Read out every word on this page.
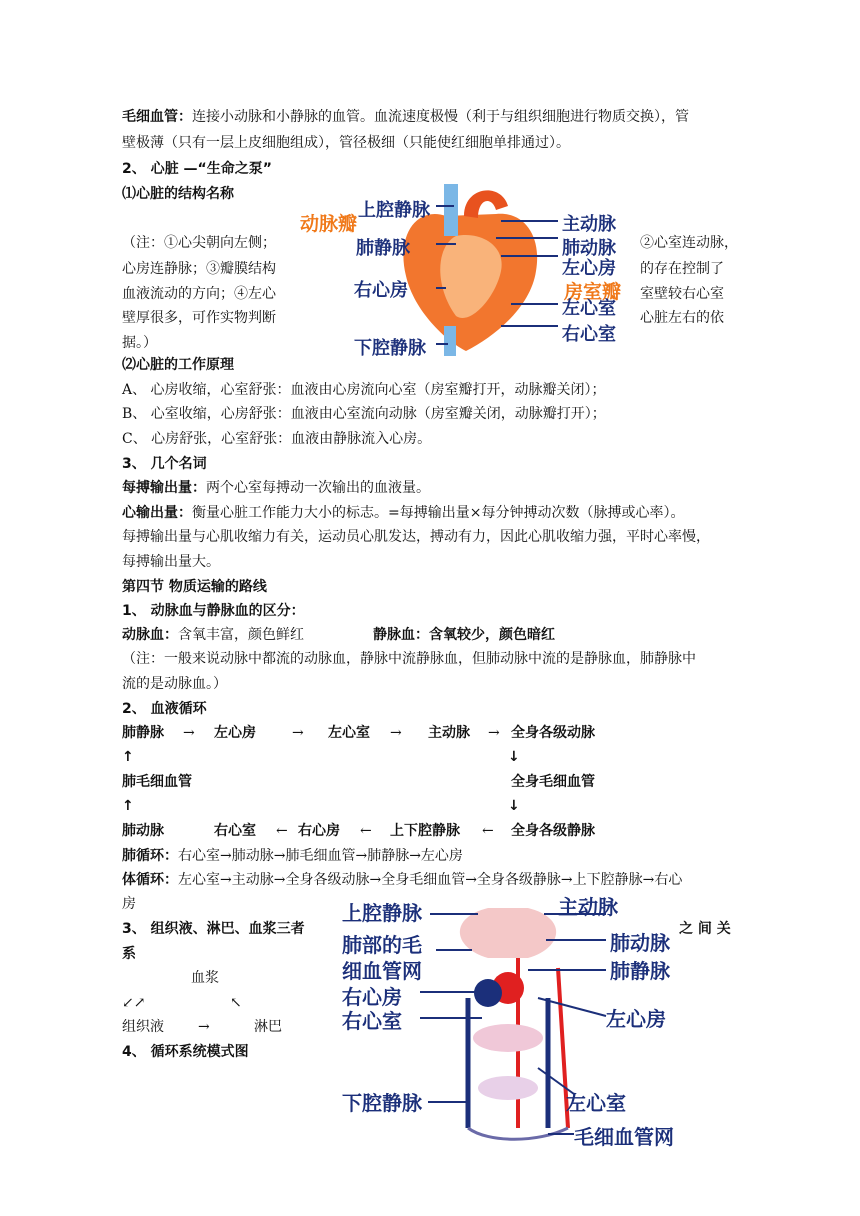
毛细血管：连接小动脉和小静脉的血管。血流速度极慢（利于与组织细胞进行物质交换），管
壁极薄（只有一层上皮细胞组成），管径极细（只能使红细胞单排通过）。
2、 心脏 —“生命之泵”
⑴心脏的结构名称
（注：①心尖朝向左侧；
心房连静脉；③瓣膜结构
血液流动的方向；④左心
壁厚很多，可作实物判断
据。）
②心室连动脉，
的存在控制了
室壁较右心室
心脏左右的依
动脉瓣
上腔静脉
主动脉
肺动脉
肺静脉
左心房
右心房	房室瓣
左心室
右心室
下腔静脉
⑵心脏的工作原理
A、 心房收缩，心室舒张：血液由心房流向心室（房室瓣打开，动脉瓣关闭）；
B、 心室收缩，心房舒张：血液由心室流向动脉（房室瓣关闭，动脉瓣打开）；
C、 心房舒张，心室舒张：血液由静脉流入心房。
3、 几个名词
每搏输出量：两个心室每搏动一次输出的血液量。
心输出量：衡量心脏工作能力大小的标志。=每搏输出量×每分钟搏动次数（脉搏或心率）。
每搏输出量与心肌收缩力有关，运动员心肌发达，搏动有力，因此心肌收缩力强，平时心率慢，
每搏输出量大。
第四节 物质运输的路线
1、 动脉血与静脉血的区分：
动脉血：含氧丰富，颜色鲜红	静脉血：含氧较少，颜色暗红
（注：一般来说动脉中都流的动脉血，静脉中流静脉血，但肺动脉中流的是静脉血，肺静脉中
流的是动脉血。）
2、 血液循环
肺静脉 → 左心房	→ 左心室 → 主动脉 → 全身各级动脉
↑	↓
肺毛细血管	全身毛细血管
↑	↓
肺动脉	右心室 ← 右心房 ← 上下腔静脉 ← 全身各级静脉
肺循环：右心室→肺动脉→肺毛细血管→肺静脉→左心房
体循环：左心室→主动脉→全身各级动脉→全身毛细血管→全身各级静脉→上下腔静脉→右心
房
3、 组织液、淋巴、血浆三者	之 间 关
系
血浆
↙↗	↖
组织液 →	淋巴
4、 循环系统模式图
上腔静脉	主动脉
肺部的毛
细血管网
肺动脉
肺静脉
右心房
右心室	左心房
下腔静脉	左心室
毛细血管网
